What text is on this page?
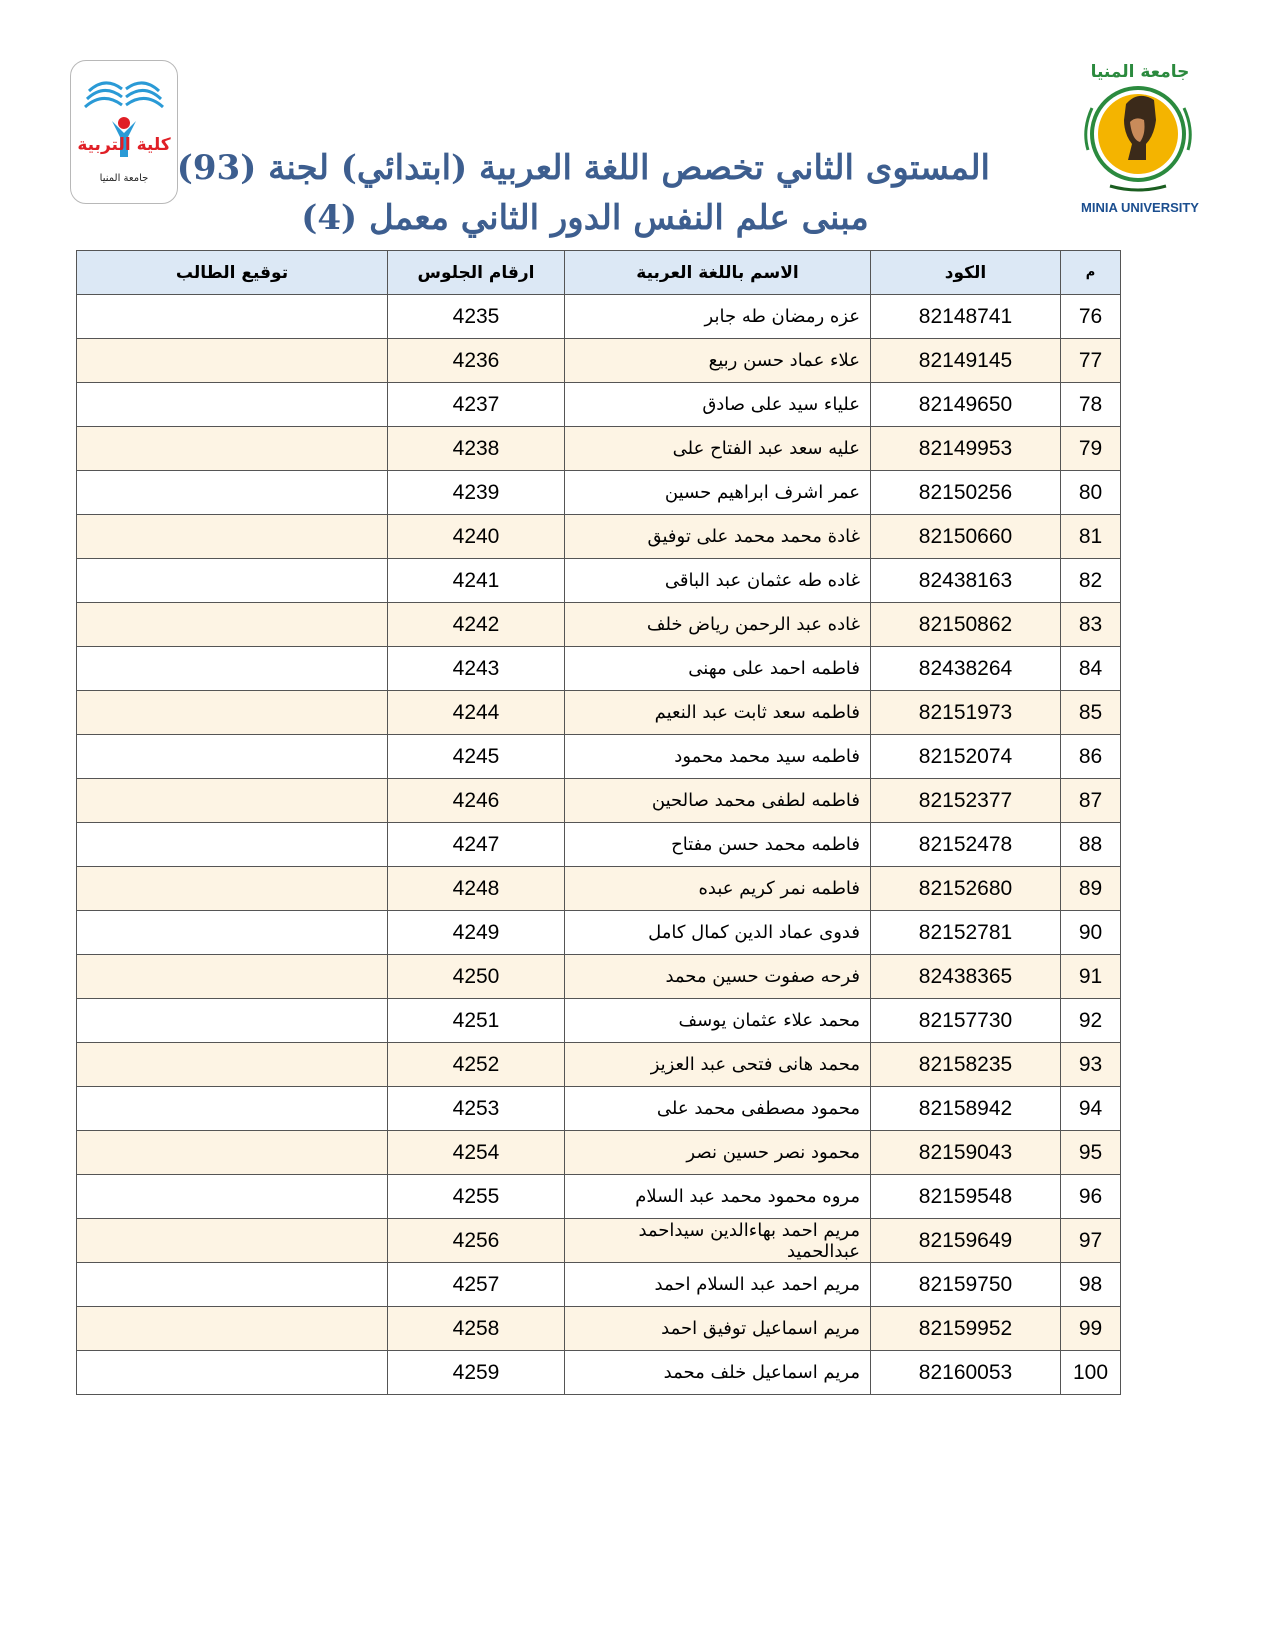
كلية التربية
جامعة المنيا
جامعة المنيا
MINIA UNIVERSITY
المستوى الثاني تخصص اللغة العربية (ابتدائي) لجنة (93)
مبنى علم النفس الدور الثاني معمل (4)
م	الكود	الاسم باللغة العربية	ارقام الجلوس	توقيع الطالب
76	82148741	عزه رمضان طه جابر	4235	
77	82149145	علاء عماد حسن ربيع	4236	
78	82149650	علياء سيد على صادق	4237	
79	82149953	عليه سعد عبد الفتاح على	4238	
80	82150256	عمر اشرف ابراهيم حسين	4239	
81	82150660	غادة محمد محمد على توفيق	4240	
82	82438163	غاده طه عثمان عبد الباقى	4241	
83	82150862	غاده عبد الرحمن رياض خلف	4242	
84	82438264	فاطمه احمد على مهنى	4243	
85	82151973	فاطمه سعد ثابت عبد النعيم	4244	
86	82152074	فاطمه سيد محمد محمود	4245	
87	82152377	فاطمه لطفى محمد صالحين	4246	
88	82152478	فاطمه محمد حسن مفتاح	4247	
89	82152680	فاطمه نمر كريم عبده	4248	
90	82152781	فدوى عماد الدين كمال كامل	4249	
91	82438365	فرحه صفوت حسين محمد	4250	
92	82157730	محمد علاء عثمان يوسف	4251	
93	82158235	محمد هانى فتحى عبد العزيز	4252	
94	82158942	محمود مصطفى محمد على	4253	
95	82159043	محمود نصر حسين نصر	4254	
96	82159548	مروه محمود محمد عبد السلام	4255	
97	82159649	مريم احمد بهاءالدين سيداحمد عبدالحميد	4256	
98	82159750	مريم احمد عبد السلام احمد	4257	
99	82159952	مريم اسماعيل توفيق احمد	4258	
100	82160053	مريم اسماعيل خلف محمد	4259	
